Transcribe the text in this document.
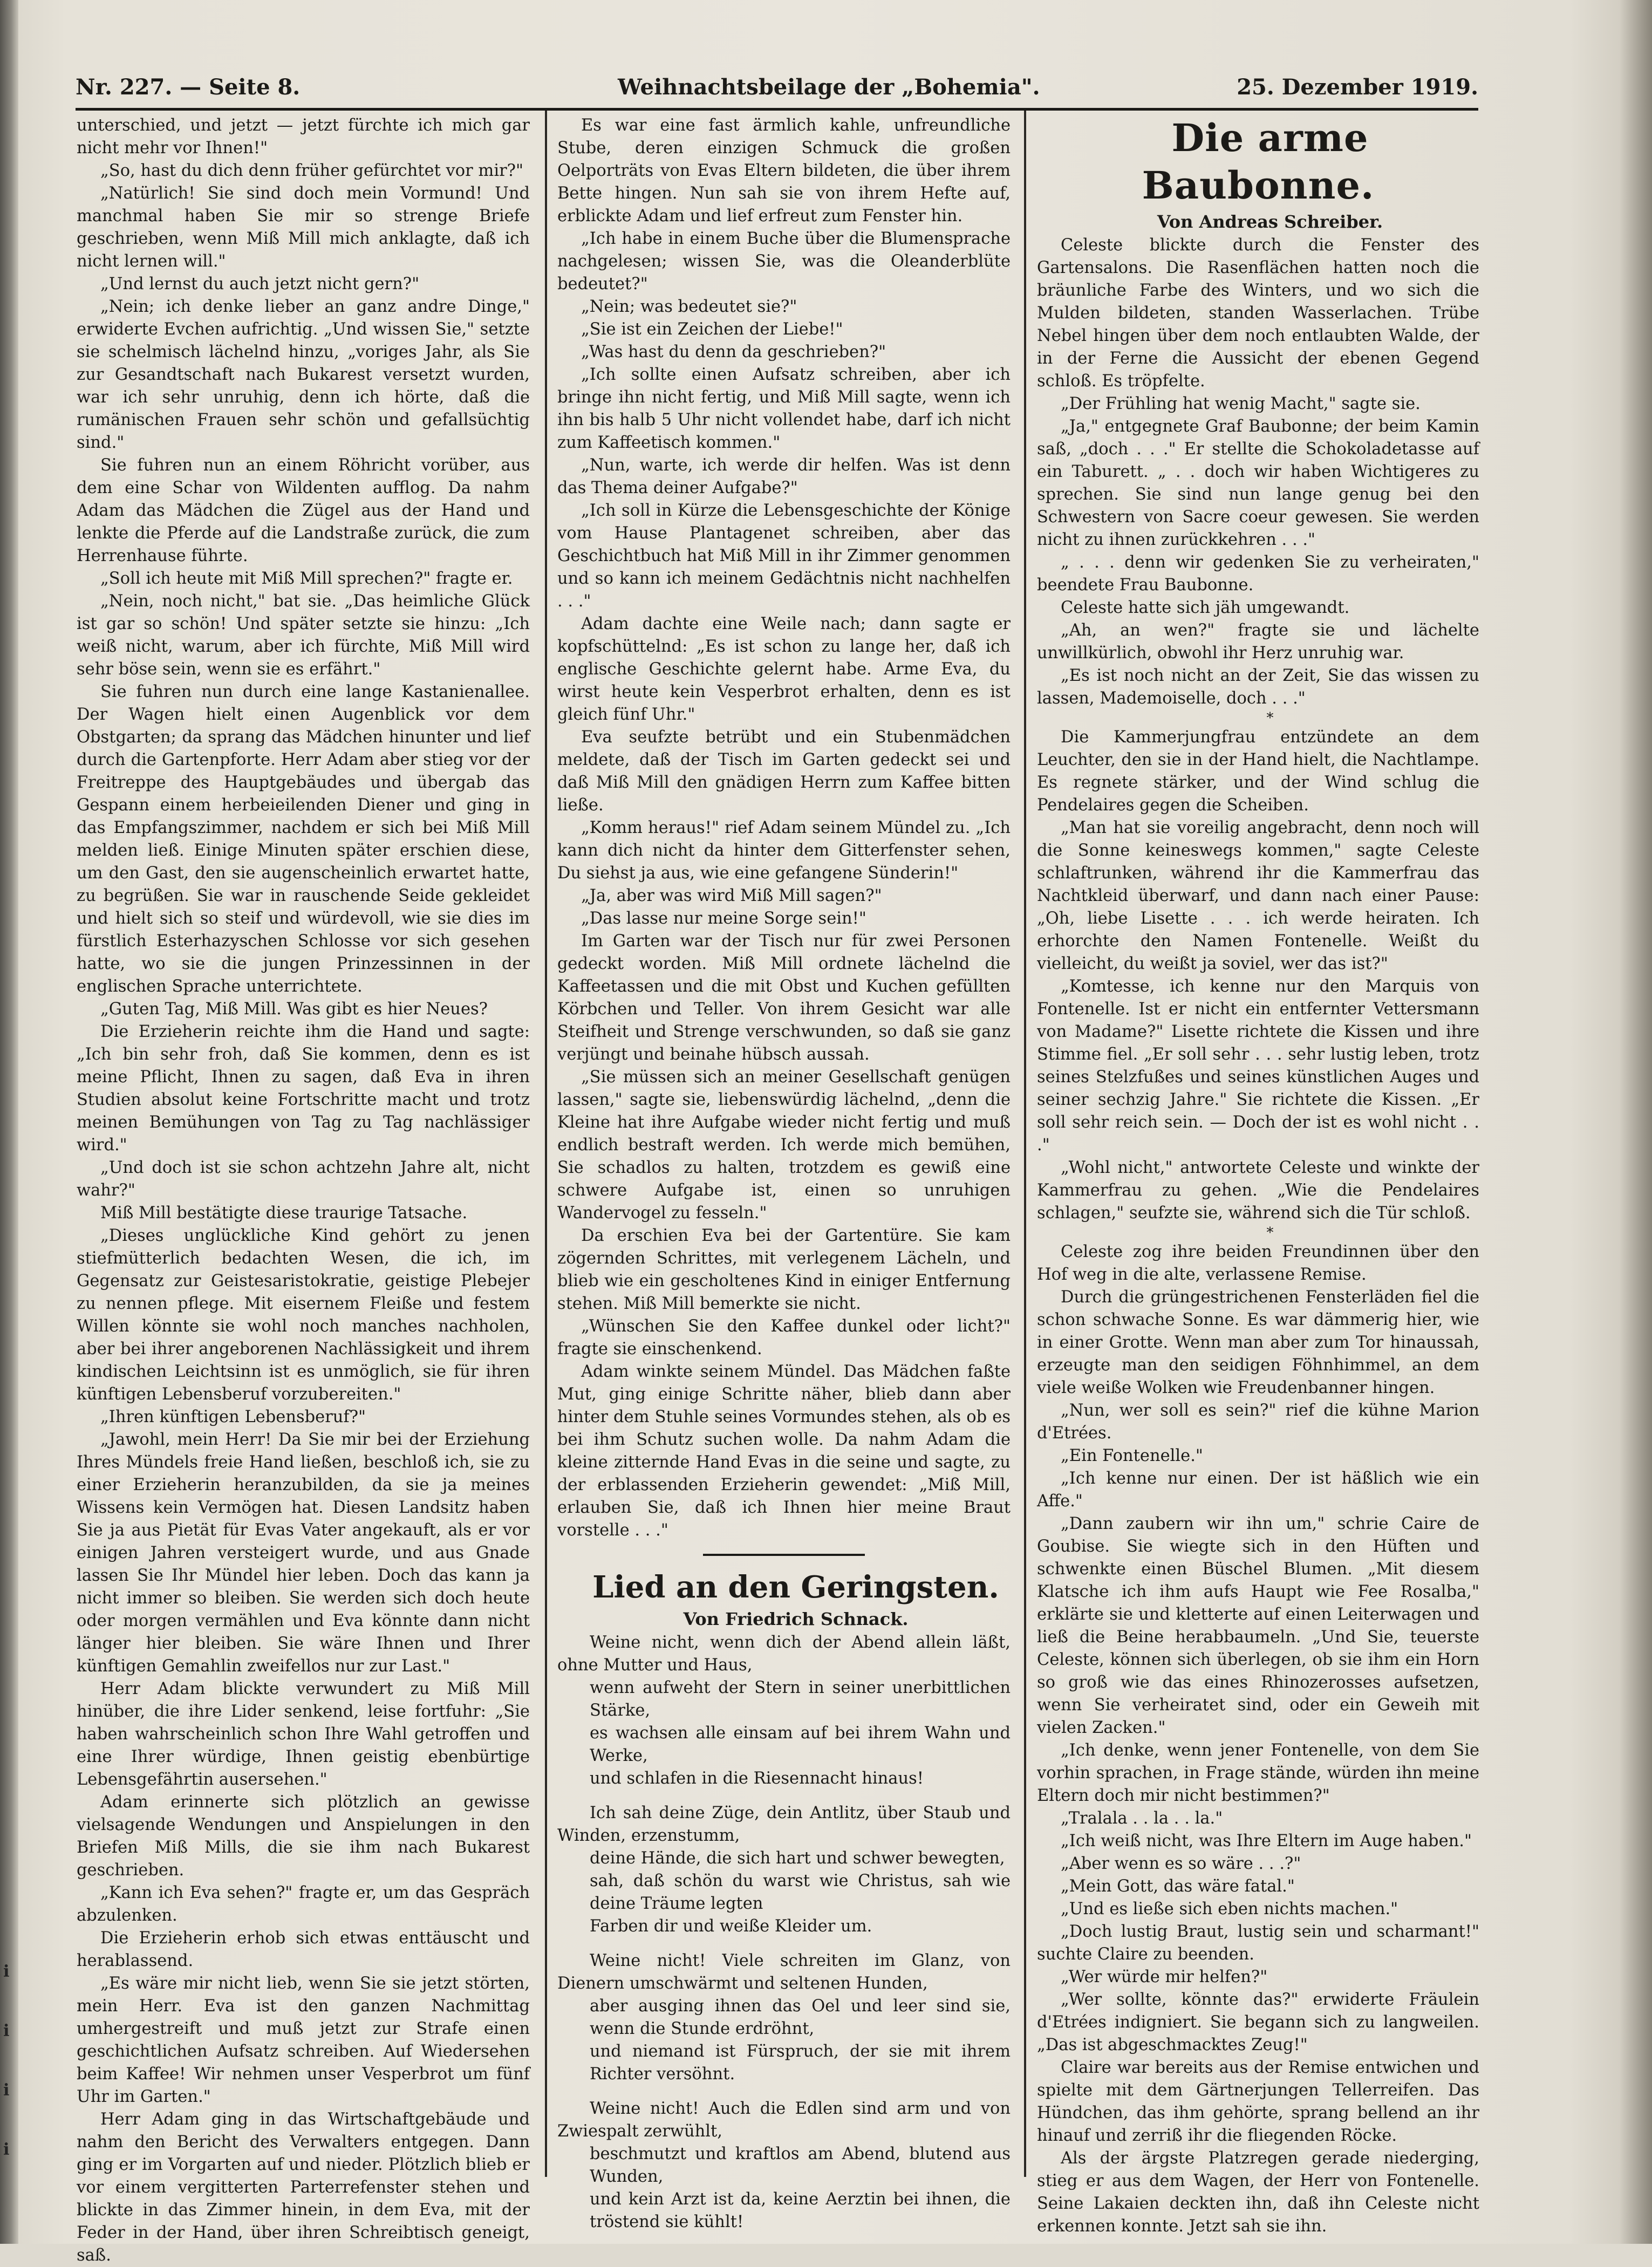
i
i
i
i
Nr. 227. — Seite 8.	Weihnachtsbeilage der „Bohemia".	25. Dezember 1919.

unterschied, und jetzt — jetzt fürchte ich mich gar nicht mehr vor Ihnen!"

„So, hast du dich denn früher gefürchtet vor mir?"

„Natürlich! Sie sind doch mein Vormund! Und manchmal haben Sie mir so strenge Briefe geschrieben, wenn Miß Mill mich anklagte, daß ich nicht lernen will."

„Und lernst du auch jetzt nicht gern?"

„Nein; ich denke lieber an ganz andre Dinge," erwiderte Evchen aufrichtig. „Und wissen Sie," setzte sie schelmisch lächelnd hinzu, „voriges Jahr, als Sie zur Gesandtschaft nach Bukarest versetzt wurden, war ich sehr unruhig, denn ich hörte, daß die rumänischen Frauen sehr schön und gefallsüchtig sind."

Sie fuhren nun an einem Röhricht vorüber, aus dem eine Schar von Wildenten aufflog. Da nahm Adam das Mädchen die Zügel aus der Hand und lenkte die Pferde auf die Landstraße zurück, die zum Herrenhause führte.

„Soll ich heute mit Miß Mill sprechen?" fragte er.

„Nein, noch nicht," bat sie. „Das heimliche Glück ist gar so schön! Und später setzte sie hinzu: „Ich weiß nicht, warum, aber ich fürchte, Miß Mill wird sehr böse sein, wenn sie es erfährt."

Sie fuhren nun durch eine lange Kastanienallee. Der Wagen hielt einen Augenblick vor dem Obstgarten; da sprang das Mädchen hinunter und lief durch die Gartenpforte. Herr Adam aber stieg vor der Freitreppe des Hauptgebäudes und übergab das Gespann einem herbeieilenden Diener und ging in das Empfangszimmer, nachdem er sich bei Miß Mill melden ließ. Einige Minuten später erschien diese, um den Gast, den sie augenscheinlich erwartet hatte, zu begrüßen. Sie war in rauschende Seide gekleidet und hielt sich so steif und würdevoll, wie sie dies im fürstlich Esterhazyschen Schlosse vor sich gesehen hatte, wo sie die jungen Prinzessinnen in der englischen Sprache unterrichtete.

„Guten Tag, Miß Mill. Was gibt es hier Neues?

Die Erzieherin reichte ihm die Hand und sagte: „Ich bin sehr froh, daß Sie kommen, denn es ist meine Pflicht, Ihnen zu sagen, daß Eva in ihren Studien absolut keine Fortschritte macht und trotz meinen Bemühungen von Tag zu Tag nachlässiger wird."

„Und doch ist sie schon achtzehn Jahre alt, nicht wahr?"

Miß Mill bestätigte diese traurige Tatsache.

„Dieses unglückliche Kind gehört zu jenen stiefmütterlich bedachten Wesen, die ich, im Gegensatz zur Geistesaristokratie, geistige Plebejer zu nennen pflege. Mit eisernem Fleiße und festem Willen könnte sie wohl noch manches nachholen, aber bei ihrer angeborenen Nachlässigkeit und ihrem kindischen Leichtsinn ist es unmöglich, sie für ihren künftigen Lebensberuf vorzubereiten."

„Ihren künftigen Lebensberuf?"

„Jawohl, mein Herr! Da Sie mir bei der Erziehung Ihres Mündels freie Hand ließen, beschloß ich, sie zu einer Erzieherin heranzubilden, da sie ja meines Wissens kein Vermögen hat. Diesen Landsitz haben Sie ja aus Pietät für Evas Vater angekauft, als er vor einigen Jahren versteigert wurde, und aus Gnade lassen Sie Ihr Mündel hier leben. Doch das kann ja nicht immer so bleiben. Sie werden sich doch heute oder morgen vermählen und Eva könnte dann nicht länger hier bleiben. Sie wäre Ihnen und Ihrer künftigen Gemahlin zweifellos nur zur Last."

Herr Adam blickte verwundert zu Miß Mill hinüber, die ihre Lider senkend, leise fortfuhr: „Sie haben wahrscheinlich schon Ihre Wahl getroffen und eine Ihrer würdige, Ihnen geistig ebenbürtige Lebensgefährtin ausersehen."

Adam erinnerte sich plötzlich an gewisse vielsagende Wendungen und Anspielungen in den Briefen Miß Mills, die sie ihm nach Bukarest geschrieben.

„Kann ich Eva sehen?" fragte er, um das Gespräch abzulenken.

Die Erzieherin erhob sich etwas enttäuscht und herablassend.

„Es wäre mir nicht lieb, wenn Sie sie jetzt störten, mein Herr. Eva ist den ganzen Nachmittag umhergestreift und muß jetzt zur Strafe einen geschichtlichen Aufsatz schreiben. Auf Wiedersehen beim Kaffee! Wir nehmen unser Vesperbrot um fünf Uhr im Garten."

Herr Adam ging in das Wirtschaftgebäude und nahm den Bericht des Verwalters entgegen. Dann ging er im Vorgarten auf und nieder. Plötzlich blieb er vor einem vergitterten Parterrefenster stehen und blickte in das Zimmer hinein, in dem Eva, mit der Feder in der Hand, über ihren Schreibtisch geneigt, saß.

Es war eine fast ärmlich kahle, unfreundliche Stube, deren einzigen Schmuck die großen Oelporträts von Evas Eltern bildeten, die über ihrem Bette hingen. Nun sah sie von ihrem Hefte auf, erblickte Adam und lief erfreut zum Fenster hin.

„Ich habe in einem Buche über die Blumensprache nachgelesen; wissen Sie, was die Oleanderblüte bedeutet?"

„Nein; was bedeutet sie?"

„Sie ist ein Zeichen der Liebe!"

„Was hast du denn da geschrieben?"

„Ich sollte einen Aufsatz schreiben, aber ich bringe ihn nicht fertig, und Miß Mill sagte, wenn ich ihn bis halb 5 Uhr nicht vollendet habe, darf ich nicht zum Kaffeetisch kommen."

„Nun, warte, ich werde dir helfen. Was ist denn das Thema deiner Aufgabe?"

„Ich soll in Kürze die Lebensgeschichte der Könige vom Hause Plantagenet schreiben, aber das Geschichtbuch hat Miß Mill in ihr Zimmer genommen und so kann ich meinem Gedächtnis nicht nachhelfen . . ."

Adam dachte eine Weile nach; dann sagte er kopfschüttelnd: „Es ist schon zu lange her, daß ich englische Geschichte gelernt habe. Arme Eva, du wirst heute kein Vesperbrot erhalten, denn es ist gleich fünf Uhr."

Eva seufzte betrübt und ein Stubenmädchen meldete, daß der Tisch im Garten gedeckt sei und daß Miß Mill den gnädigen Herrn zum Kaffee bitten ließe.

„Komm heraus!" rief Adam seinem Mündel zu. „Ich kann dich nicht da hinter dem Gitterfenster sehen, Du siehst ja aus, wie eine gefangene Sünderin!"

„Ja, aber was wird Miß Mill sagen?"

„Das lasse nur meine Sorge sein!"

Im Garten war der Tisch nur für zwei Personen gedeckt worden. Miß Mill ordnete lächelnd die Kaffeetassen und die mit Obst und Kuchen gefüllten Körbchen und Teller. Von ihrem Gesicht war alle Steifheit und Strenge verschwunden, so daß sie ganz verjüngt und beinahe hübsch aussah.

„Sie müssen sich an meiner Gesellschaft genügen lassen," sagte sie, liebenswürdig lächelnd, „denn die Kleine hat ihre Aufgabe wieder nicht fertig und muß endlich bestraft werden. Ich werde mich bemühen, Sie schadlos zu halten, trotzdem es gewiß eine schwere Aufgabe ist, einen so unruhigen Wandervogel zu fesseln."

Da erschien Eva bei der Gartentüre. Sie kam zögernden Schrittes, mit verlegenem Lächeln, und blieb wie ein gescholtenes Kind in einiger Entfernung stehen. Miß Mill bemerkte sie nicht.

„Wünschen Sie den Kaffee dunkel oder licht?" fragte sie einschenkend.

Adam winkte seinem Mündel. Das Mädchen faßte Mut, ging einige Schritte näher, blieb dann aber hinter dem Stuhle seines Vormundes stehen, als ob es bei ihm Schutz suchen wolle. Da nahm Adam die kleine zitternde Hand Evas in die seine und sagte, zu der erblassenden Erzieherin gewendet: „Miß Mill, erlauben Sie, daß ich Ihnen hier meine Braut vorstelle . . ."

Lied an den Geringsten.

Von Friedrich Schnack.

Weine nicht, wenn dich der Abend allein läßt, ohne Mutter und Haus,

wenn aufweht der Stern in seiner unerbittlichen Stärke,

es wachsen alle einsam auf bei ihrem Wahn und Werke,

und schlafen in die Riesennacht hinaus!

Ich sah deine Züge, dein Antlitz, über Staub und Winden, erzenstumm,

deine Hände, die sich hart und schwer bewegten,

sah, daß schön du warst wie Christus, sah wie deine Träume legten

Farben dir und weiße Kleider um.

Weine nicht! Viele schreiten im Glanz, von Dienern umschwärmt und seltenen Hunden,

aber ausging ihnen das Oel und leer sind sie, wenn die Stunde erdröhnt,

und niemand ist Fürspruch, der sie mit ihrem Richter versöhnt.

Weine nicht! Auch die Edlen sind arm und von Zwiespalt zerwühlt,

beschmutzt und kraftlos am Abend, blutend aus Wunden,

und kein Arzt ist da, keine Aerztin bei ihnen, die tröstend sie kühlt!

Die arme Baubonne.

Von Andreas Schreiber.

Celeste blickte durch die Fenster des Gartensalons. Die Rasenflächen hatten noch die bräunliche Farbe des Winters, und wo sich die Mulden bildeten, standen Wasserlachen. Trübe Nebel hingen über dem noch entlaubten Walde, der in der Ferne die Aussicht der ebenen Gegend schloß. Es tröpfelte.

„Der Frühling hat wenig Macht," sagte sie.

„Ja," entgegnete Graf Baubonne; der beim Kamin saß, „doch . . ." Er stellte die Schokoladetasse auf ein Taburett. „ . . doch wir haben Wichtigeres zu sprechen. Sie sind nun lange genug bei den Schwestern von Sacre coeur gewesen. Sie werden nicht zu ihnen zurückkehren . . ."

„ . . . denn wir gedenken Sie zu verheiraten," beendete Frau Baubonne.

Celeste hatte sich jäh umgewandt.

„Ah, an wen?" fragte sie und lächelte unwillkürlich, obwohl ihr Herz unruhig war.

„Es ist noch nicht an der Zeit, Sie das wissen zu lassen, Mademoiselle, doch . . ."

*

Die Kammerjungfrau entzündete an dem Leuchter, den sie in der Hand hielt, die Nachtlampe. Es regnete stärker, und der Wind schlug die Pendelaires gegen die Scheiben.

„Man hat sie voreilig angebracht, denn noch will die Sonne keineswegs kommen," sagte Celeste schlaftrunken, während ihr die Kammerfrau das Nachtkleid überwarf, und dann nach einer Pause: „Oh, liebe Lisette . . . ich werde heiraten. Ich erhorchte den Namen Fontenelle. Weißt du vielleicht, du weißt ja soviel, wer das ist?"

„Komtesse, ich kenne nur den Marquis von Fontenelle. Ist er nicht ein entfernter Vettersmann von Madame?" Lisette richtete die Kissen und ihre Stimme fiel. „Er soll sehr . . . sehr lustig leben, trotz seines Stelzfußes und seines künstlichen Auges und seiner sechzig Jahre." Sie richtete die Kissen. „Er soll sehr reich sein. — Doch der ist es wohl nicht . . ."

„Wohl nicht," antwortete Celeste und winkte der Kammerfrau zu gehen. „Wie die Pendelaires schlagen," seufzte sie, während sich die Tür schloß.

*

Celeste zog ihre beiden Freundinnen über den Hof weg in die alte, verlassene Remise.

Durch die grüngestrichenen Fensterläden fiel die schon schwache Sonne. Es war dämmerig hier, wie in einer Grotte. Wenn man aber zum Tor hinaussah, erzeugte man den seidigen Föhnhimmel, an dem viele weiße Wolken wie Freudenbanner hingen.

„Nun, wer soll es sein?" rief die kühne Marion d'Etrées.

„Ein Fontenelle."

„Ich kenne nur einen. Der ist häßlich wie ein Affe."

„Dann zaubern wir ihn um," schrie Caire de Goubise. Sie wiegte sich in den Hüften und schwenkte einen Büschel Blumen. „Mit diesem Klatsche ich ihm aufs Haupt wie Fee Rosalba," erklärte sie und kletterte auf einen Leiterwagen und ließ die Beine herabbaumeln. „Und Sie, teuerste Celeste, können sich überlegen, ob sie ihm ein Horn so groß wie das eines Rhinozerosses aufsetzen, wenn Sie verheiratet sind, oder ein Geweih mit vielen Zacken."

„Ich denke, wenn jener Fontenelle, von dem Sie vorhin sprachen, in Frage stände, würden ihn meine Eltern doch mir nicht bestimmen?"

„Tralala . . la . . la."

„Ich weiß nicht, was Ihre Eltern im Auge haben."

„Aber wenn es so wäre . . .?"

„Mein Gott, das wäre fatal."

„Und es ließe sich eben nichts machen."

„Doch lustig Braut, lustig sein und scharmant!" suchte Claire zu beenden.

„Wer würde mir helfen?"

„Wer sollte, könnte das?" erwiderte Fräulein d'Etrées indigniert. Sie begann sich zu langweilen. „Das ist abgeschmacktes Zeug!"

Claire war bereits aus der Remise entwichen und spielte mit dem Gärtnerjungen Tellerreifen. Das Hündchen, das ihm gehörte, sprang bellend an ihr hinauf und zerriß ihr die fliegenden Röcke.

Als der ärgste Platzregen gerade niederging, stieg er aus dem Wagen, der Herr von Fontenelle. Seine Lakaien deckten ihn, daß ihn Celeste nicht erkennen konnte. Jetzt sah sie ihn.
